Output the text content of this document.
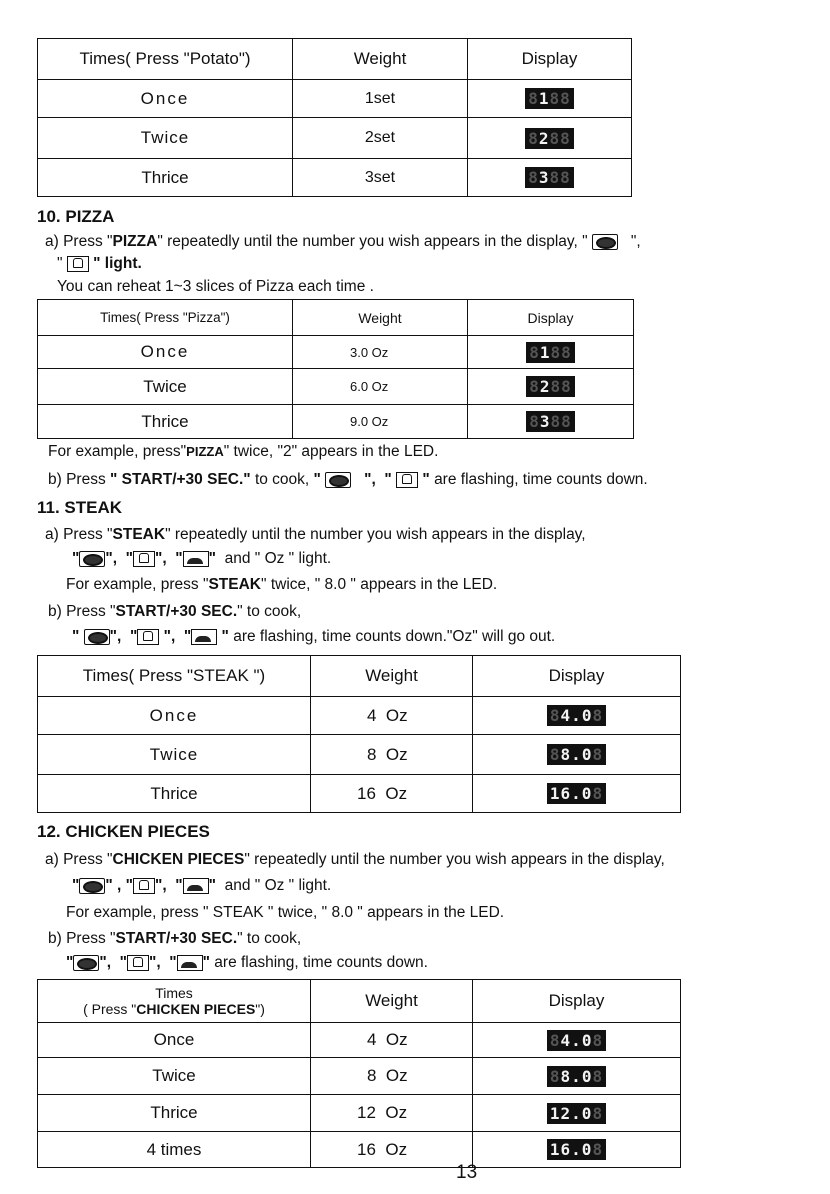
Times( Press "Potato")	Weight	Display
Once	1set	8188
Twice	2set	8288
Thrice	3set	8388
10. PIZZA
a) Press "PIZZA" repeatedly until the number you wish appears in the display, "    ",
"  " light.
You can reheat 1~3 slices of Pizza each time .
Times( Press "Pizza")	Weight	Display
Once	3.0 Oz	8188
Twice	6.0 Oz	8288
Thrice	9.0 Oz	8388
For example, press"PIZZA" twice, "2" appears in the LED.
b) Press " START/+30 SEC." to cook, "	",  " " are flashing, time counts down.
11. STEAK
a) Press "STEAK" repeatedly until the number you wish appears in the display,
" ",  " ",  " " and " Oz " light.
For example, press "STEAK" twice, " 8.0 " appears in the LED.
b) Press "START/+30 SEC." to cook,
" ",  " ",  " " are flashing, time counts down."Oz" will go out.
Times( Press "STEAK ")	Weight	Display
Once	4  Oz	84.08
Twice	8  Oz	88.08
Thrice	16  Oz	16.08
12. CHICKEN PIECES
a) Press "CHICKEN PIECES" repeatedly until the number you wish appears in the display,
" " , " ",  " " and " Oz " light.
For example, press " STEAK " twice, " 8.0 " appears in the LED.
b) Press "START/+30 SEC." to cook,
" ",  " ",  " " are flashing, time counts down.
Times
( Press "CHICKEN PIECES")	Weight	Display
Once	4  Oz	84.08
Twice	8  Oz	88.08
Thrice	12  Oz	12.08
4 times	16  Oz	16.08
13
